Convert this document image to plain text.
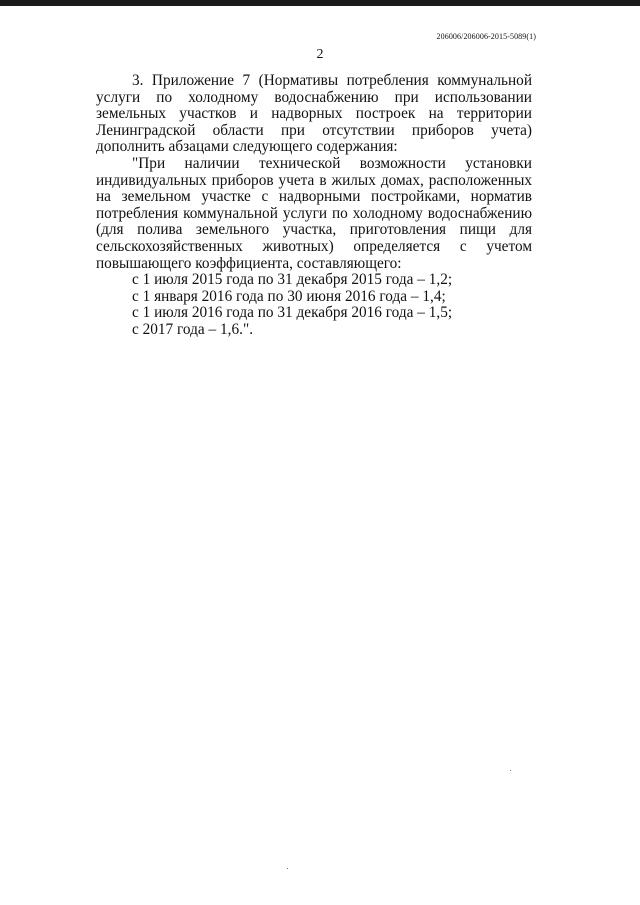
206006/206006-2015-5089(1)
2

3. Приложение 7 (Нормативы потребления коммунальной услуги по холодному водоснабжению при использовании земельных участков и надворных построек на территории Ленинградской области при отсутствии приборов учета) дополнить абзацами следующего содержания:

"При наличии технической возможности установки индивидуальных приборов учета в жилых домах, расположенных на земельном участке с надворными постройками, норматив потребления коммунальной услуги по холодному водоснабжению (для полива земельного участка, приготовления пищи для сельскохозяйственных животных) определяется с учетом повышающего коэффициента, составляющего:

с 1 июля 2015 года по 31 декабря 2015 года – 1,2;
с 1 января 2016 года по 30 июня 2016 года – 1,4;
с 1 июля 2016 года по 31 декабря 2016 года – 1,5;
с 2017 года – 1,6.".
